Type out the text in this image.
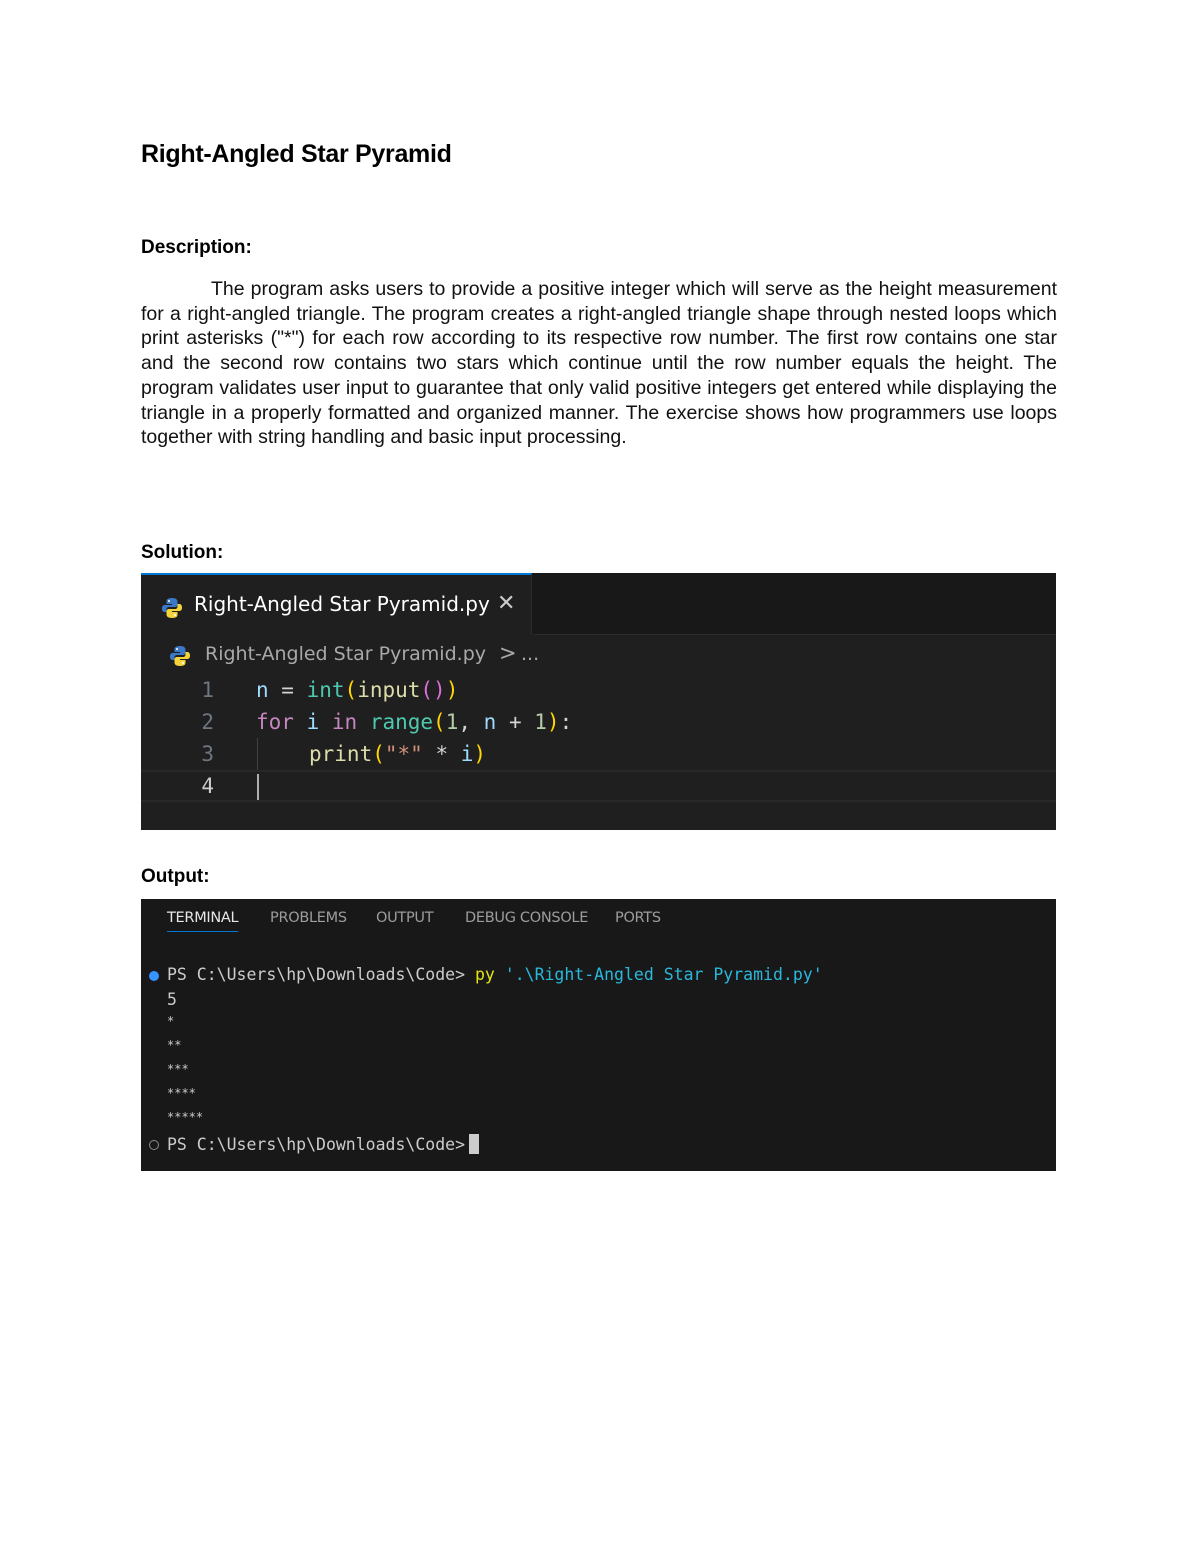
Right-Angled Star Pyramid
Description:

The program asks users to provide a positive integer which will serve as the height measurement for a right-angled triangle. The program creates a right-angled triangle shape through nested loops which print asterisks ("*") for each row according to its respective row number. The first row contains one star and the second row contains two stars which continue until the row number equals the height. The program validates user input to guarantee that only valid positive integers get entered while displaying the triangle in a properly formatted and organized manner. The exercise shows how programmers use loops together with string handling and basic input processing.

Solution:
Right-Angled Star Pyramid.py ✕
Right-Angled Star Pyramid.py > ...

1

n = int(input())

2

for i in range(1, n + 1):

3

	print("*" * i)

4

Output:
TERMINAL PROBLEMS OUTPUT DEBUG CONSOLE PORTS
PS C:\Users\hp\Downloads\Code> py '.\Right-Angled Star Pyramid.py'
5
*
**
***
****
*****
PS C:\Users\hp\Downloads\Code>
